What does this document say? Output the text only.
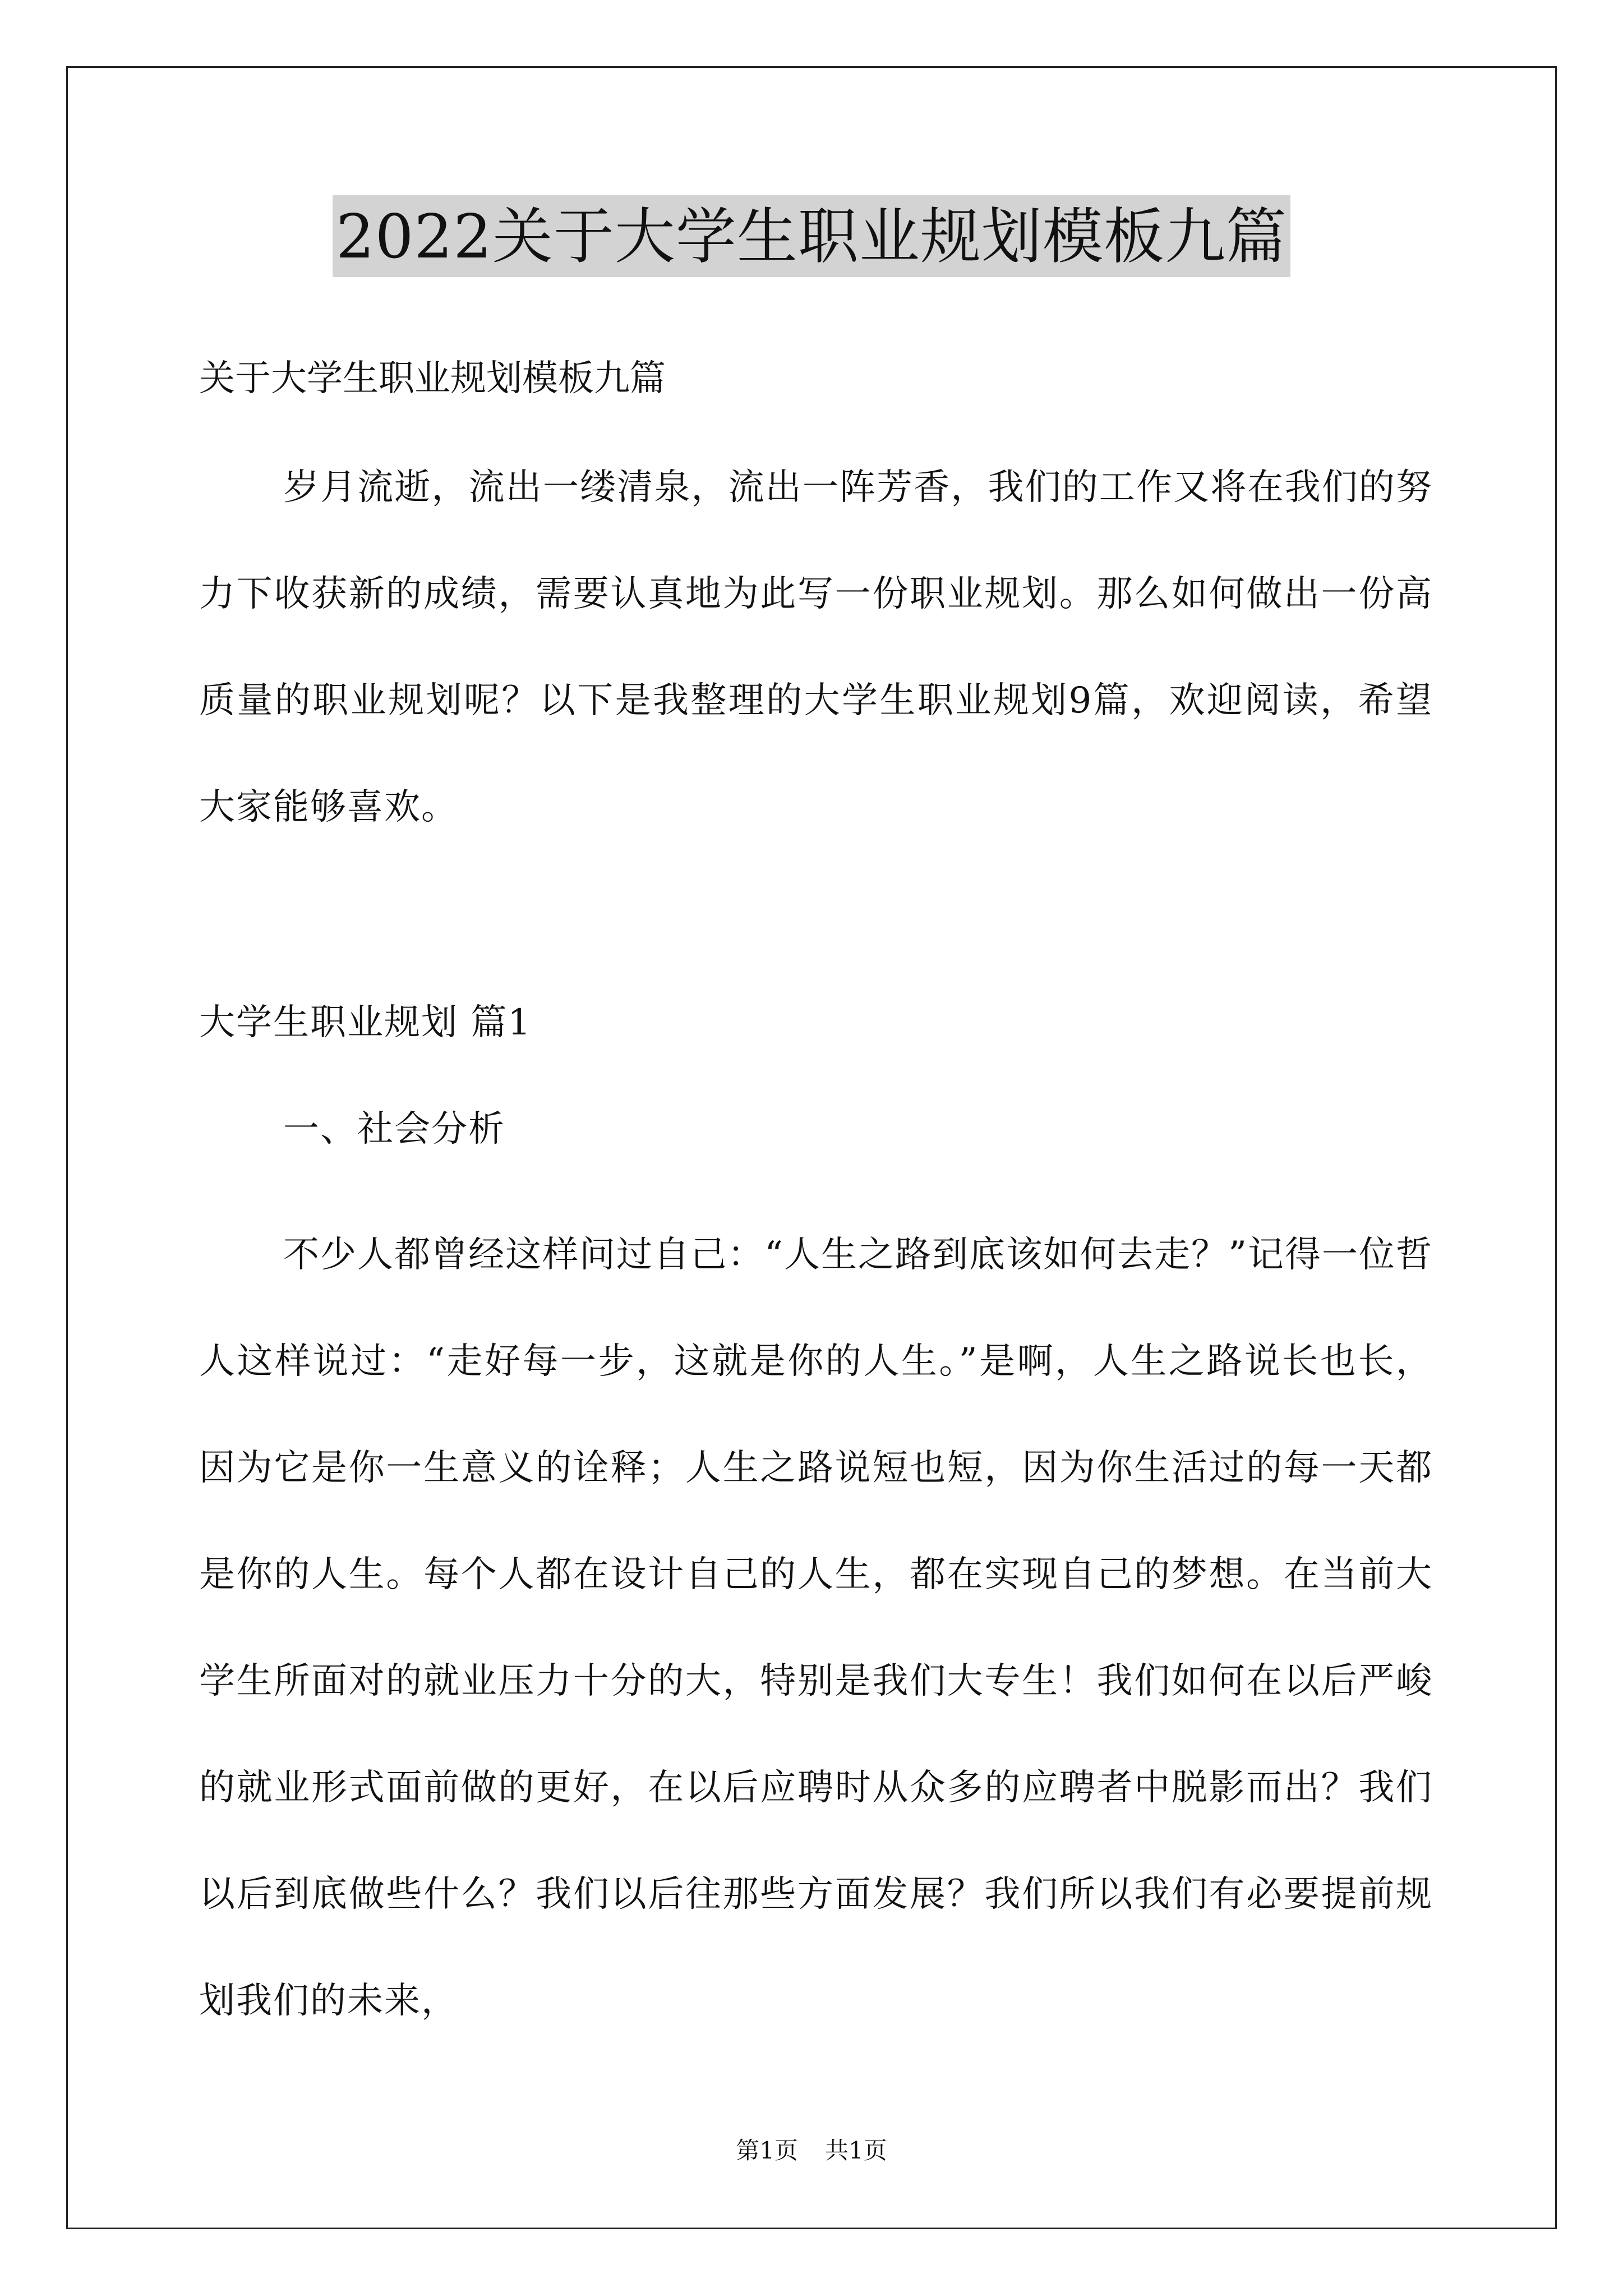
2022关于大学生职业规划模板九篇
关于大学生职业规划模板九篇

岁月流逝，流出一缕清泉，流出一阵芳香，我们的工作又将在我们的努力下收获新的成绩，需要认真地为此写一份职业规划。那么如何做出一份高质量的职业规划呢？以下是我整理的大学生职业规划9篇，欢迎阅读，希望大家能够喜欢。

大学生职业规划 篇1
一、社会分析

不少人都曾经这样问过自己：“人生之路到底该如何去走？”记得一位哲人这样说过：“走好每一步，这就是你的人生。”是啊，人生之路说长也长，因为它是你一生意义的诠释；人生之路说短也短，因为你生活过的每一天都是你的人生。每个人都在设计自己的人生，都在实现自己的梦想。在当前大学生所面对的就业压力十分的大，特别是我们大专生！我们如何在以后严峻的就业形式面前做的更好，在以后应聘时从众多的应聘者中脱影而出？我们以后到底做些什么？我们以后往那些方面发展？我们所以我们有必要提前规划我们的未来，

第1页 共1页
